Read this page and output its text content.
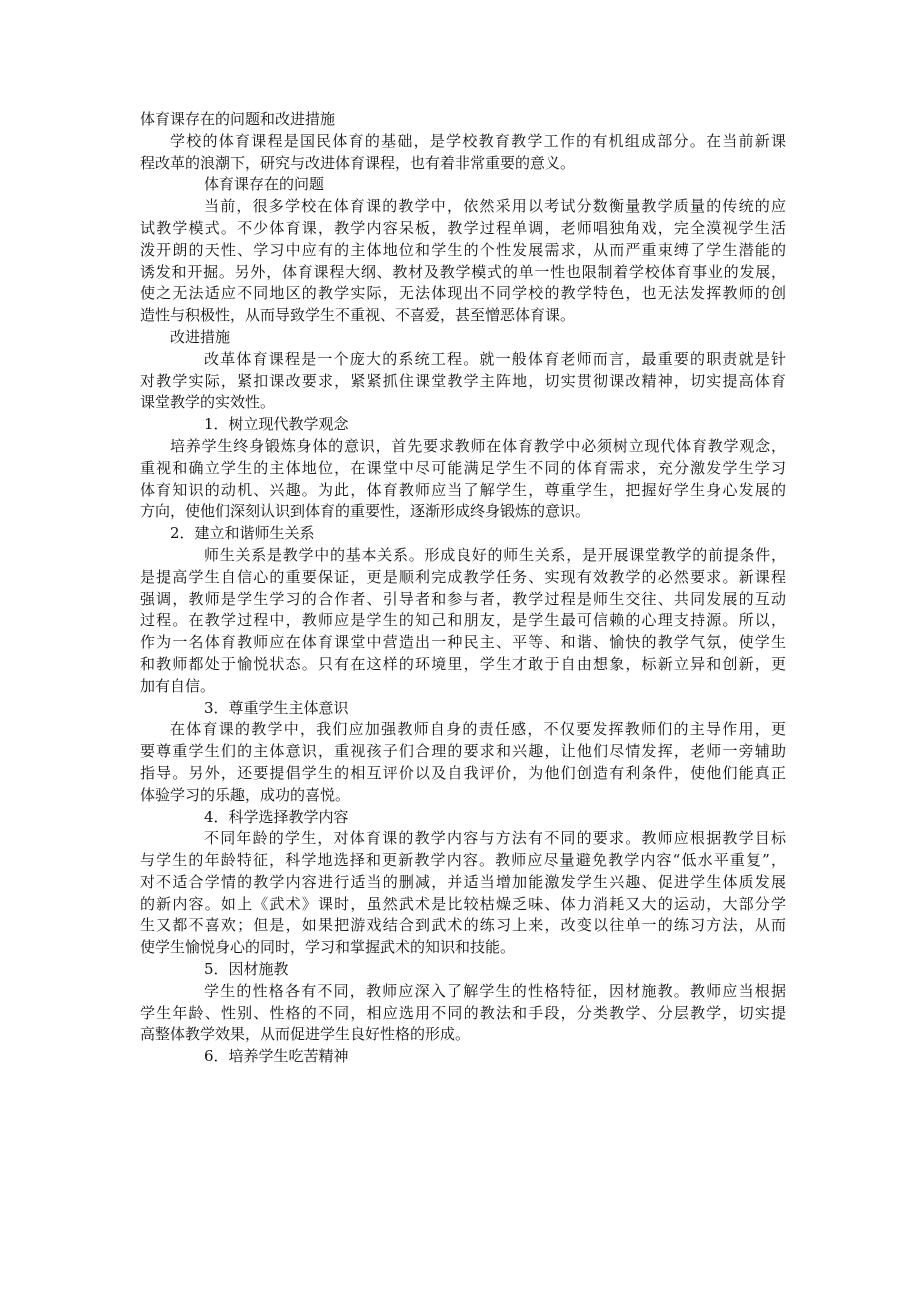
体育课存在的问题和改进措施
学校的体育课程是国民体育的基础，是学校教育教学工作的有机组成部分。在当前新课
程改革的浪潮下，研究与改进体育课程，也有着非常重要的意义。
体育课存在的问题
当前，很多学校在体育课的教学中，依然采用以考试分数衡量教学质量的传统的应
试教学模式。不少体育课，教学内容呆板，教学过程单调，老师唱独角戏，完全漠视学生活
泼开朗的天性、学习中应有的主体地位和学生的个性发展需求，从而严重束缚了学生潜能的
诱发和开掘。另外，体育课程大纲、教材及教学模式的单一性也限制着学校体育事业的发展，
使之无法适应不同地区的教学实际，无法体现出不同学校的教学特色，也无法发挥教师的创
造性与积极性，从而导致学生不重视、不喜爱，甚至憎恶体育课。
改进措施
改革体育课程是一个庞大的系统工程。就一般体育老师而言，最重要的职责就是针
对教学实际，紧扣课改要求，紧紧抓住课堂教学主阵地，切实贯彻课改精神，切实提高体育
课堂教学的实效性。
1．树立现代教学观念
培养学生终身锻炼身体的意识，首先要求教师在体育教学中必须树立现代体育教学观念，
重视和确立学生的主体地位，在课堂中尽可能满足学生不同的体育需求，充分激发学生学习
体育知识的动机、兴趣。为此，体育教师应当了解学生，尊重学生，把握好学生身心发展的
方向，使他们深刻认识到体育的重要性，逐渐形成终身锻炼的意识。
2．建立和谐师生关系
师生关系是教学中的基本关系。形成良好的师生关系，是开展课堂教学的前提条件，
是提高学生自信心的重要保证，更是顺利完成教学任务、实现有效教学的必然要求。新课程
强调，教师是学生学习的合作者、引导者和参与者，教学过程是师生交往、共同发展的互动
过程。在教学过程中，教师应是学生的知己和朋友，是学生最可信赖的心理支持源。所以，
作为一名体育教师应在体育课堂中营造出一种民主、平等、和谐、愉快的教学气氛，使学生
和教师都处于愉悦状态。只有在这样的环境里，学生才敢于自由想象，标新立异和创新，更
加有自信。
3．尊重学生主体意识
在体育课的教学中，我们应加强教师自身的责任感，不仅要发挥教师们的主导作用，更
要尊重学生们的主体意识，重视孩子们合理的要求和兴趣，让他们尽情发挥，老师一旁辅助
指导。另外，还要提倡学生的相互评价以及自我评价，为他们创造有利条件，使他们能真正
体验学习的乐趣，成功的喜悦。
4．科学选择教学内容
不同年龄的学生，对体育课的教学内容与方法有不同的要求。教师应根据教学目标
与学生的年龄特征，科学地选择和更新教学内容。教师应尽量避免教学内容“低水平重复”，
对不适合学情的教学内容进行适当的删减，并适当增加能激发学生兴趣、促进学生体质发展
的新内容。如上《武术》课时，虽然武术是比较枯燥乏味、体力消耗又大的运动，大部分学
生又都不喜欢；但是，如果把游戏结合到武术的练习上来，改变以往单一的练习方法，从而
使学生愉悦身心的同时，学习和掌握武术的知识和技能。
5．因材施教
学生的性格各有不同，教师应深入了解学生的性格特征，因材施教。教师应当根据
学生年龄、性别、性格的不同，相应选用不同的教法和手段，分类教学、分层教学，切实提
高整体教学效果，从而促进学生良好性格的形成。
6．培养学生吃苦精神
